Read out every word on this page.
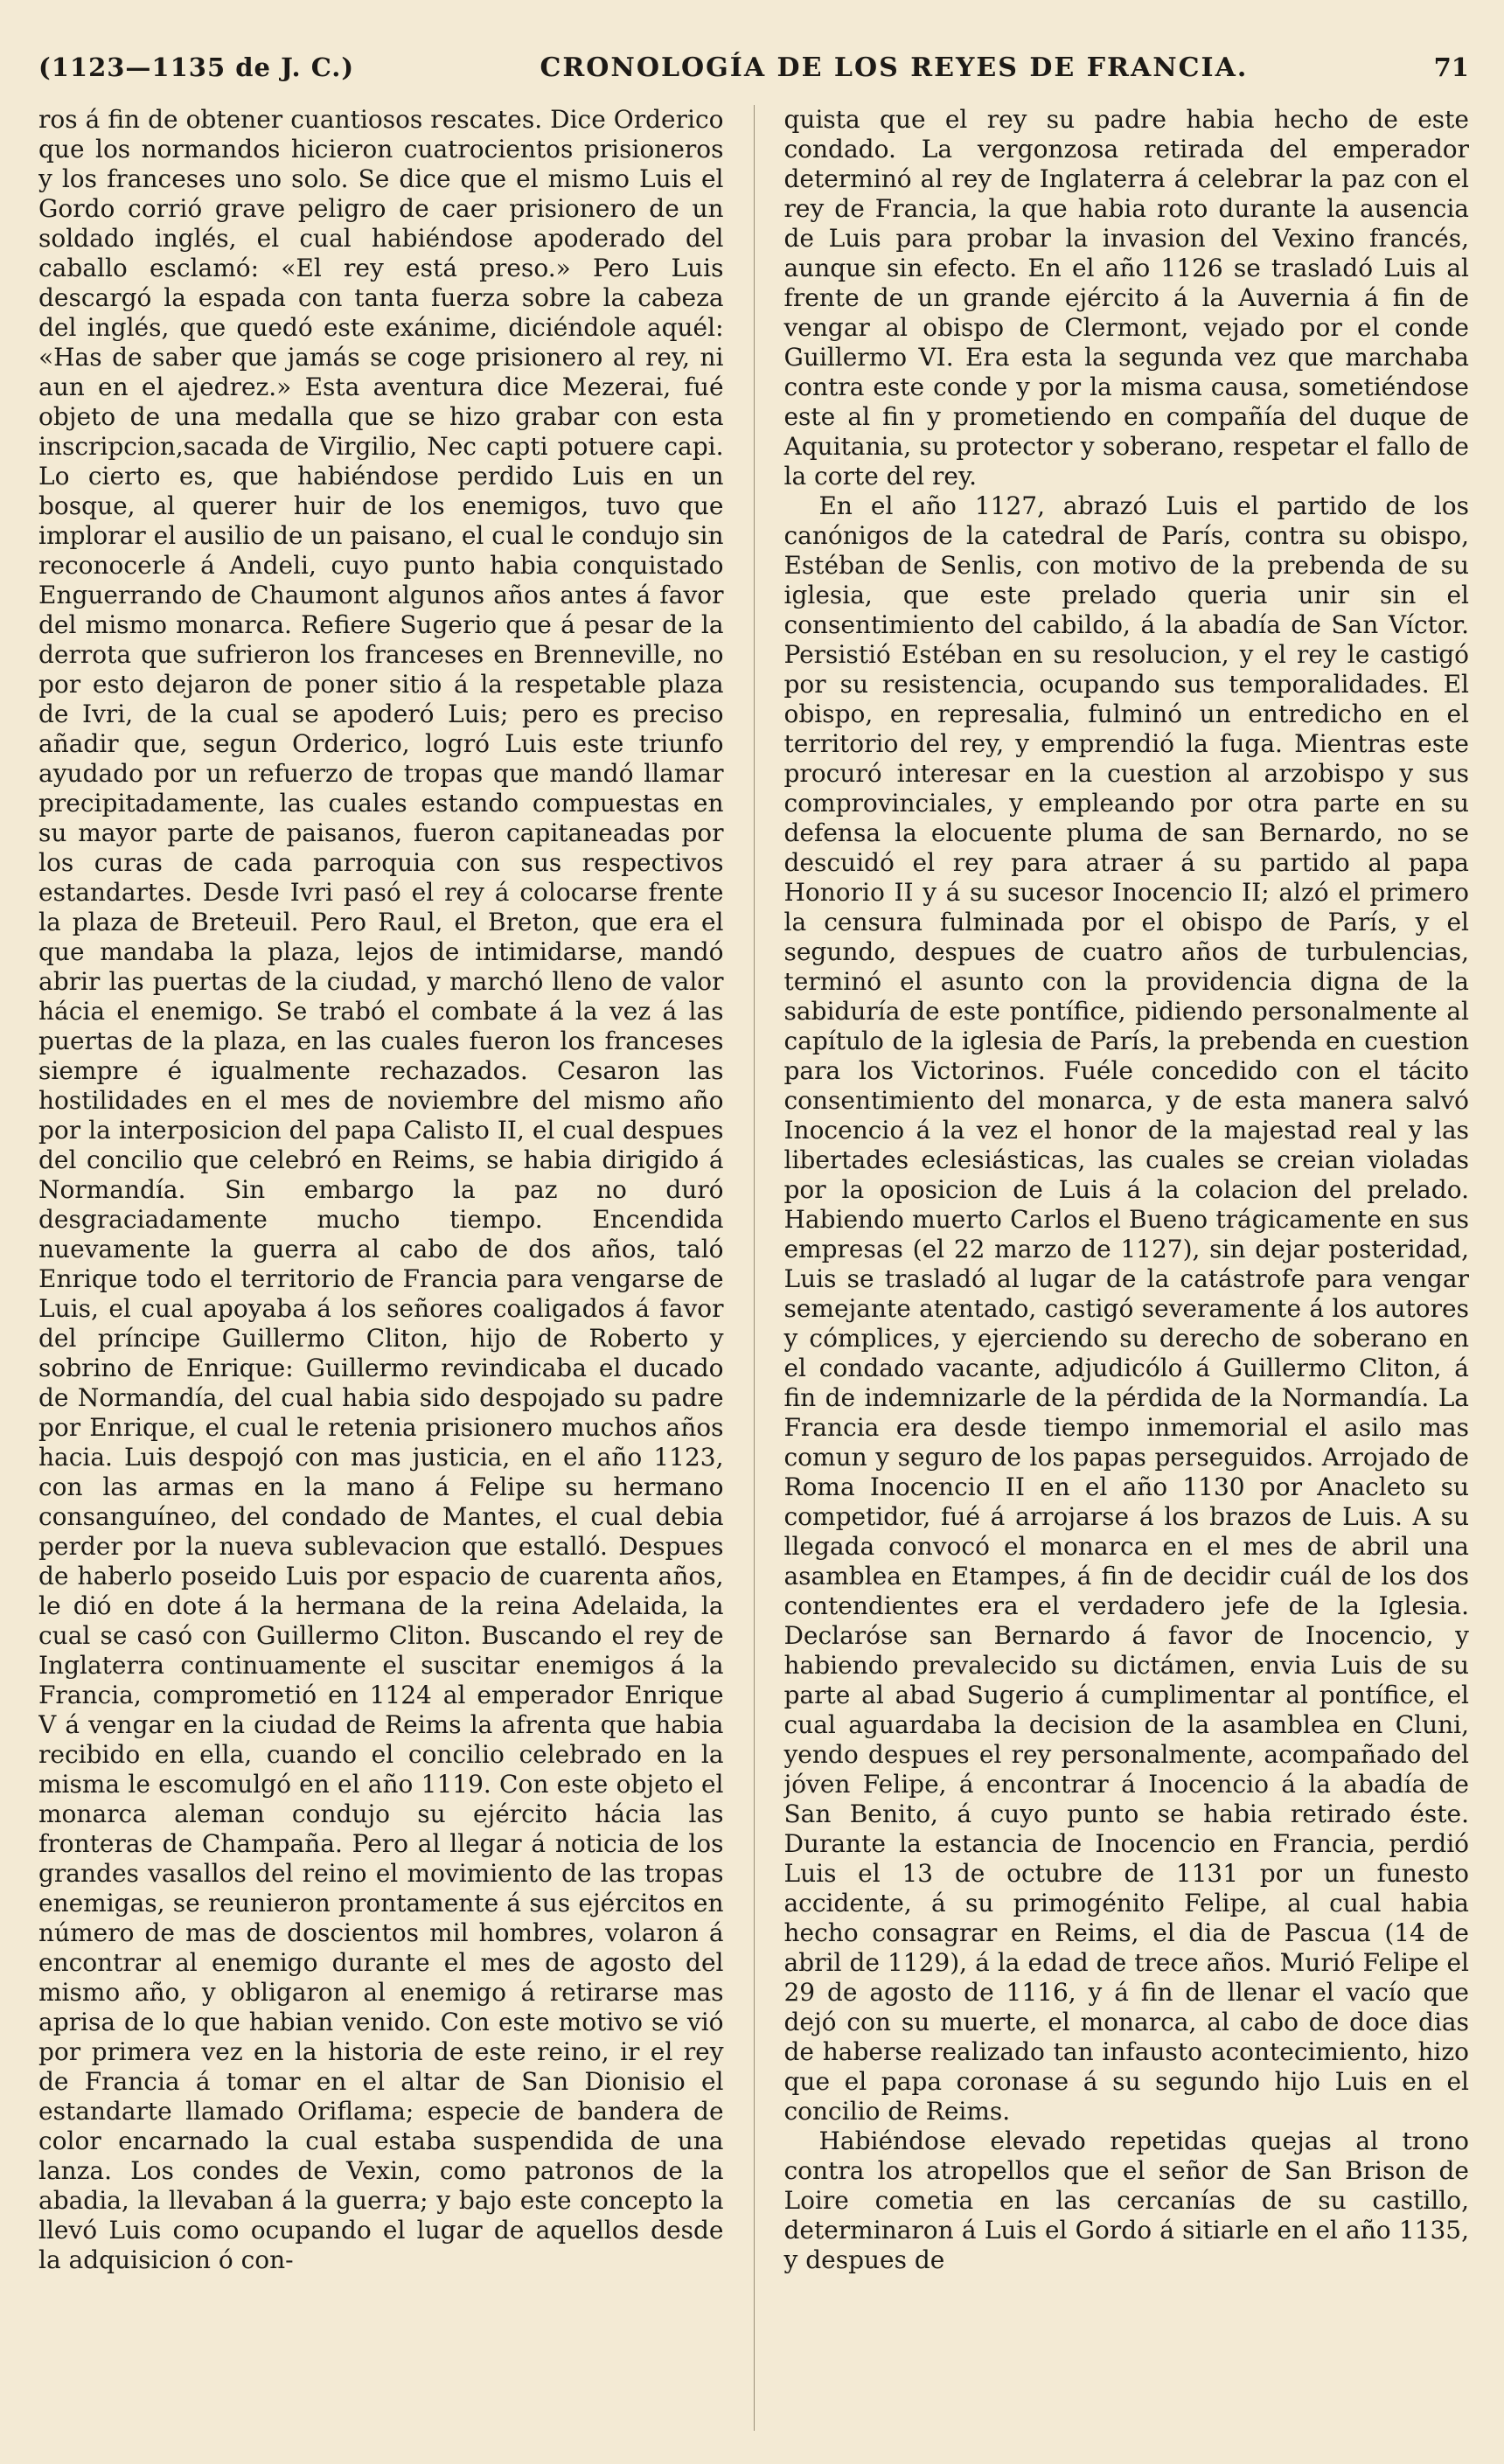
(1123—1135 de J. C.)	CRONOLOGÍA DE LOS REYES DE FRANCIA.	71

ros á fin de obtener cuantiosos rescates. Dice Orderico que los normandos hicieron cuatrocientos prisioneros y los franceses uno solo. Se dice que el mismo Luis el Gordo corrió grave peligro de caer prisionero de un soldado inglés, el cual habiéndose apoderado del caballo esclamó: «El rey está preso.» Pero Luis descargó la espada con tanta fuerza sobre la cabeza del inglés, que quedó este exánime, diciéndole aquél: «Has de saber que jamás se coge prisionero al rey, ni aun en el ajedrez.» Esta aventura dice Mezerai, fué objeto de una medalla que se hizo grabar con esta inscripcion,sacada de Virgilio, Nec capti potuere capi. Lo cierto es, que habiéndose perdido Luis en un bosque, al querer huir de los enemigos, tuvo que implorar el ausilio de un paisano, el cual le condujo sin reconocerle á Andeli, cuyo punto habia conquistado Enguerrando de Chaumont algunos años antes á favor del mismo monarca. Refiere Sugerio que á pesar de la derrota que sufrieron los franceses en Brenneville, no por esto dejaron de poner sitio á la respetable plaza de Ivri, de la cual se apoderó Luis; pero es preciso añadir que, segun Orderico, logró Luis este triunfo ayudado por un refuerzo de tropas que mandó llamar precipitadamente, las cuales estando compuestas en su mayor parte de paisanos, fueron capitaneadas por los curas de cada parroquia con sus respectivos estandartes. Desde Ivri pasó el rey á colocarse frente la plaza de Breteuil. Pero Raul, el Breton, que era el que mandaba la plaza, lejos de intimidarse, mandó abrir las puertas de la ciudad, y marchó lleno de valor hácia el enemigo. Se trabó el combate á la vez á las puertas de la plaza, en las cuales fueron los franceses siempre é igualmente rechazados. Cesaron las hostilidades en el mes de noviembre del mismo año por la interposicion del papa Calisto II, el cual despues del concilio que celebró en Reims, se habia dirigido á Normandía. Sin embargo la paz no duró desgraciadamente mucho tiempo. Encendida nuevamente la guerra al cabo de dos años, taló Enrique todo el territorio de Francia para vengarse de Luis, el cual apoyaba á los señores coaligados á favor del príncipe Guillermo Cliton, hijo de Roberto y sobrino de Enrique: Guillermo revindicaba el ducado de Normandía, del cual habia sido despojado su padre por Enrique, el cual le retenia prisionero muchos años hacia. Luis despojó con mas justicia, en el año 1123, con las armas en la mano á Felipe su hermano consanguíneo, del condado de Mantes, el cual debia perder por la nueva sublevacion que estalló. Despues de haberlo poseido Luis por espacio de cuarenta años, le dió en dote á la hermana de la reina Adelaida, la cual se casó con Guillermo Cliton. Buscando el rey de Inglaterra continuamente el suscitar enemigos á la Francia, comprometió en 1124 al emperador Enrique V á vengar en la ciudad de Reims la afrenta que habia recibido en ella, cuando el concilio celebrado en la misma le escomulgó en el año 1119. Con este objeto el monarca aleman condujo su ejército hácia las fronteras de Champaña. Pero al llegar á noticia de los grandes vasallos del reino el movimiento de las tropas enemigas, se reunieron prontamente á sus ejércitos en número de mas de doscientos mil hombres, volaron á encontrar al enemigo durante el mes de agosto del mismo año, y obligaron al enemigo á retirarse mas aprisa de lo que habian venido. Con este motivo se vió por primera vez en la historia de este reino, ir el rey de Francia á tomar en el altar de San Dionisio el estandarte llamado Oriflama; especie de bandera de color encarnado la cual estaba suspendida de una lanza. Los condes de Vexin, como patronos de la abadia, la llevaban á la guerra; y bajo este concepto la llevó Luis como ocupando el lugar de aquellos desde la adquisicion ó con-

quista que el rey su padre habia hecho de este condado. La vergonzosa retirada del emperador determinó al rey de Inglaterra á celebrar la paz con el rey de Francia, la que habia roto durante la ausencia de Luis para probar la invasion del Vexino francés, aunque sin efecto. En el año 1126 se trasladó Luis al frente de un grande ejército á la Auvernia á fin de vengar al obispo de Clermont, vejado por el conde Guillermo VI. Era esta la segunda vez que marchaba contra este conde y por la misma causa, sometiéndose este al fin y prometiendo en compañía del duque de Aquitania, su protector y soberano, respetar el fallo de la corte del rey.

En el año 1127, abrazó Luis el partido de los canónigos de la catedral de París, contra su obispo, Estéban de Senlis, con motivo de la prebenda de su iglesia, que este prelado queria unir sin el consentimiento del cabildo, á la abadía de San Víctor. Persistió Estéban en su resolucion, y el rey le castigó por su resistencia, ocupando sus temporalidades. El obispo, en represalia, fulminó un entredicho en el territorio del rey, y emprendió la fuga. Mientras este procuró interesar en la cuestion al arzobispo y sus comprovinciales, y empleando por otra parte en su defensa la elocuente pluma de san Bernardo, no se descuidó el rey para atraer á su partido al papa Honorio II y á su sucesor Inocencio II; alzó el primero la censura fulminada por el obispo de París, y el segundo, despues de cuatro años de turbulencias, terminó el asunto con la providencia digna de la sabiduría de este pontífice, pidiendo personalmente al capítulo de la iglesia de París, la prebenda en cuestion para los Victorinos. Fuéle concedido con el tácito consentimiento del monarca, y de esta manera salvó Inocencio á la vez el honor de la majestad real y las libertades eclesiásticas, las cuales se creian violadas por la oposicion de Luis á la colacion del prelado. Habiendo muerto Carlos el Bueno trágicamente en sus empresas (el 22 marzo de 1127), sin dejar posteridad, Luis se trasladó al lugar de la catástrofe para vengar semejante atentado, castigó severamente á los autores y cómplices, y ejerciendo su derecho de soberano en el condado vacante, adjudicólo á Guillermo Cliton, á fin de indemnizarle de la pérdida de la Normandía. La Francia era desde tiempo inmemorial el asilo mas comun y seguro de los papas perseguidos. Arrojado de Roma Inocencio II en el año 1130 por Anacleto su competidor, fué á arrojarse á los brazos de Luis. A su llegada convocó el monarca en el mes de abril una asamblea en Etampes, á fin de decidir cuál de los dos contendientes era el verdadero jefe de la Iglesia. Declaróse san Bernardo á favor de Inocencio, y habiendo prevalecido su dictámen, envia Luis de su parte al abad Sugerio á cumplimentar al pontífice, el cual aguardaba la decision de la asamblea en Cluni, yendo despues el rey personalmente, acompañado del jóven Felipe, á encontrar á Inocencio á la abadía de San Benito, á cuyo punto se habia retirado éste. Durante la estancia de Inocencio en Francia, perdió Luis el 13 de octubre de 1131 por un funesto accidente, á su primogénito Felipe, al cual habia hecho consagrar en Reims, el dia de Pascua (14 de abril de 1129), á la edad de trece años. Murió Felipe el 29 de agosto de 1116, y á fin de llenar el vacío que dejó con su muerte, el monarca, al cabo de doce dias de haberse realizado tan infausto acontecimiento, hizo que el papa coronase á su segundo hijo Luis en el concilio de Reims.

Habiéndose elevado repetidas quejas al trono contra los atropellos que el señor de San Brison de Loire cometia en las cercanías de su castillo, determinaron á Luis el Gordo á sitiarle en el año 1135, y despues de
